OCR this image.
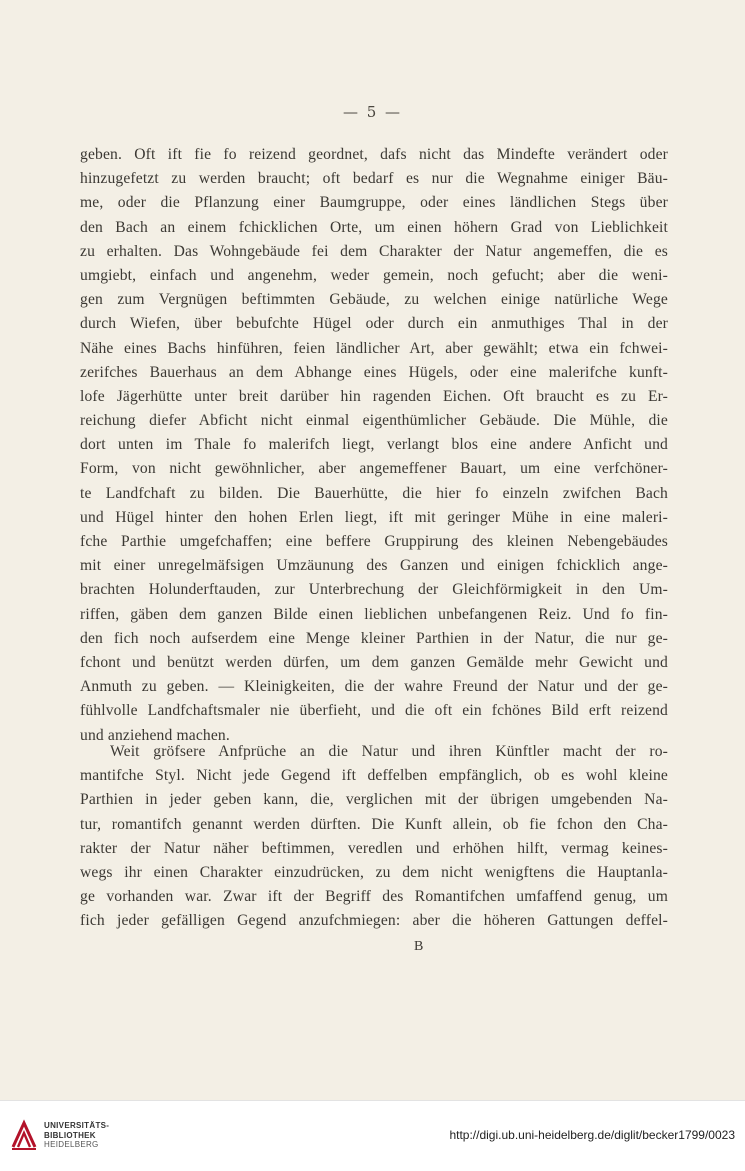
— 5 —
geben. Oft ift fie fo reizend geordnet, dafs nicht das Mindefte verändert oder
hinzugefetzt zu werden braucht; oft bedarf es nur die Wegnahme einiger Bäu-
me, oder die Pflanzung einer Baumgruppe, oder eines ländlichen Stegs über
den Bach an einem fchicklichen Orte, um einen höhern Grad von Lieblichkeit
zu erhalten. Das Wohngebäude fei dem Charakter der Natur angemeffen, die es
umgiebt, einfach und angenehm, weder gemein, noch gefucht; aber die weni-
gen zum Vergnügen beftimmten Gebäude, zu welchen einige natürliche Wege
durch Wiefen, über bebufchte Hügel oder durch ein anmuthiges Thal in der
Nähe eines Bachs hinführen, feien ländlicher Art, aber gewählt; etwa ein fchwei-
zerifches Bauerhaus an dem Abhange eines Hügels, oder eine malerifche kunft-
lofe Jägerhütte unter breit darüber hin ragenden Eichen. Oft braucht es zu Er-
reichung diefer Abficht nicht einmal eigenthümlicher Gebäude. Die Mühle, die
dort unten im Thale fo malerifch liegt, verlangt blos eine andere Anficht und
Form, von nicht gewöhnlicher, aber angemeffener Bauart, um eine verfchöner-
te Landfchaft zu bilden. Die Bauerhütte, die hier fo einzeln zwifchen Bach
und Hügel hinter den hohen Erlen liegt, ift mit geringer Mühe in eine maleri-
fche Parthie umgefchaffen; eine beffere Gruppirung des kleinen Nebengebäudes
mit einer unregelmäfsigen Umzäunung des Ganzen und einigen fchicklich ange-
brachten Holunderftauden, zur Unterbrechung der Gleichförmigkeit in den Um-
riffen, gäben dem ganzen Bilde einen lieblichen unbefangenen Reiz. Und fo fin-
den fich noch aufserdem eine Menge kleiner Parthien in der Natur, die nur ge-
fchont und benützt werden dürfen, um dem ganzen Gemälde mehr Gewicht und
Anmuth zu geben. — Kleinigkeiten, die der wahre Freund der Natur und der ge-
fühlvolle Landfchaftsmaler nie überfieht, und die oft ein fchönes Bild erft reizend
und anziehend machen.
Weit gröfsere Anfprüche an die Natur und ihren Künftler macht der ro-
mantifche Styl. Nicht jede Gegend ift deffelben empfänglich, ob es wohl kleine
Parthien in jeder geben kann, die, verglichen mit der übrigen umgebenden Na-
tur, romantifch genannt werden dürften. Die Kunft allein, ob fie fchon den Cha-
rakter der Natur näher beftimmen, veredlen und erhöhen hilft, vermag keines-
wegs ihr einen Charakter einzudrücken, zu dem nicht wenigftens die Hauptanla-
ge vorhanden war. Zwar ift der Begriff des Romantifchen umfaffend genug, um
fich jeder gefälligen Gegend anzufchmiegen: aber die höheren Gattungen deffel-
B
UNIVERSITÄTS-
BIBLIOTHEK
HEIDELBERG
http://digi.ub.uni-heidelberg.de/diglit/becker1799/0023
